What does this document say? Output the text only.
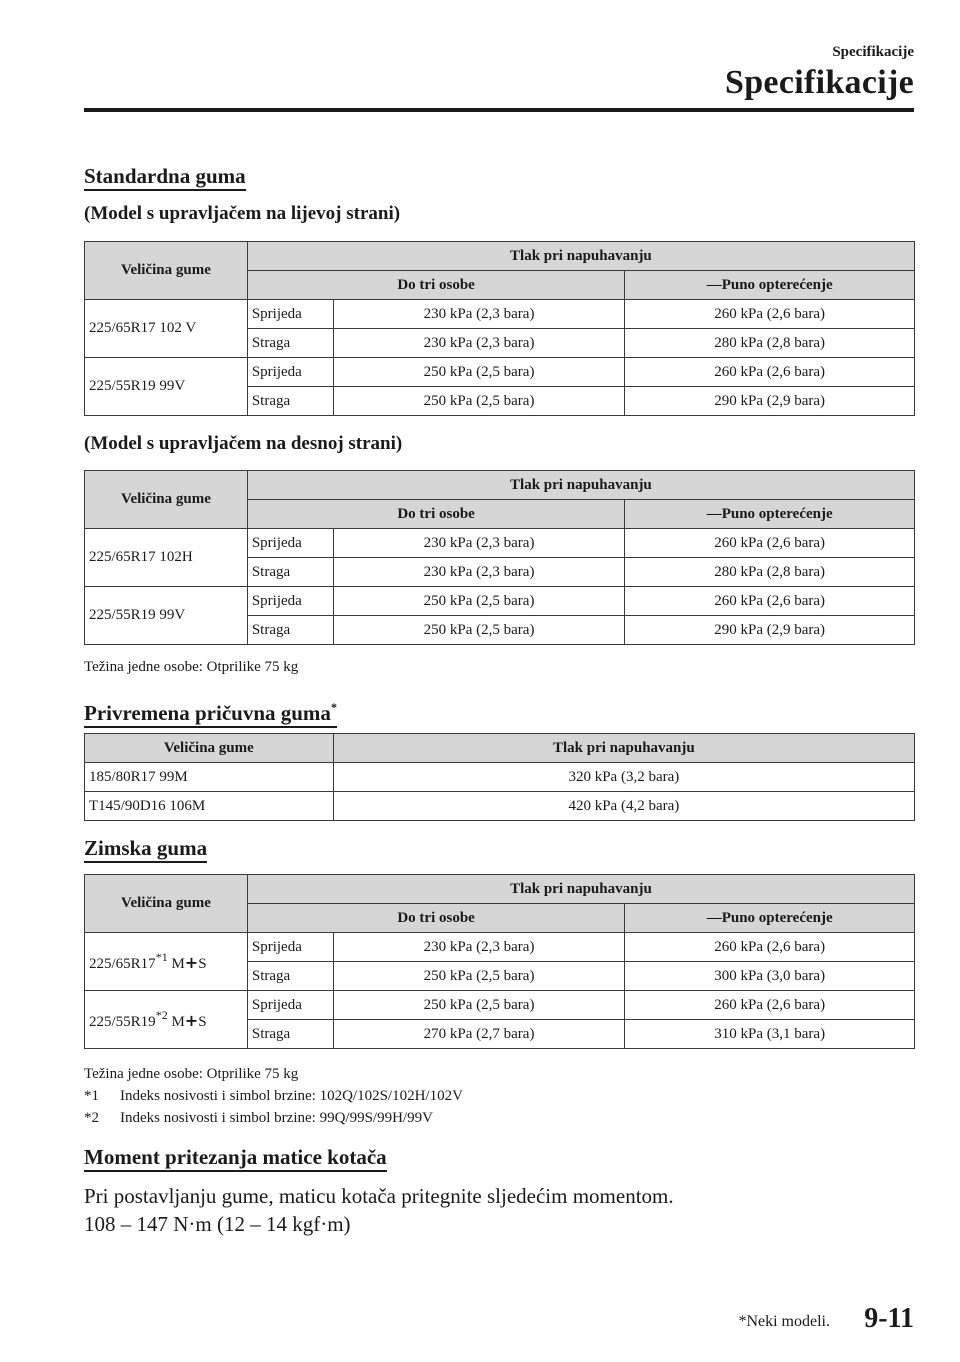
Specifikacije
Specifikacije
Standardna guma
(Model s upravljačem na lijevoj strani)
Veličina gume	Tlak pri napuhavanju		
	Do tri osobe		—Puno opterećenje
225/65R17 102 V	Sprijeda	230 kPa (2,3 bara)	260 kPa (2,6 bara)
	Straga	230 kPa (2,3 bara)	280 kPa (2,8 bara)
225/55R19 99V	Sprijeda	250 kPa (2,5 bara)	260 kPa (2,6 bara)
	Straga	250 kPa (2,5 bara)	290 kPa (2,9 bara)
(Model s upravljačem na desnoj strani)
Veličina gume	Tlak pri napuhavanju		
	Do tri osobe		—Puno opterećenje
225/65R17 102H	Sprijeda	230 kPa (2,3 bara)	260 kPa (2,6 bara)
	Straga	230 kPa (2,3 bara)	280 kPa (2,8 bara)
225/55R19 99V	Sprijeda	250 kPa (2,5 bara)	260 kPa (2,6 bara)
	Straga	250 kPa (2,5 bara)	290 kPa (2,9 bara)
Težina jedne osobe: Otprilike 75 kg
Privremena pričuvna guma*
Veličina gume	Tlak pri napuhavanju
185/80R17 99M	320 kPa (3,2 bara)
T145/90D16 106M	420 kPa (4,2 bara)
Zimska guma
Veličina gume	Tlak pri napuhavanju		
	Do tri osobe		—Puno opterećenje
225/65R17$^{*1}$ M+S	Sprijeda	230 kPa (2,3 bara)	260 kPa (2,6 bara)
	Straga	250 kPa (2,5 bara)	300 kPa (3,0 bara)
225/55R19$^{*2}$ M+S	Sprijeda	250 kPa (2,5 bara)	260 kPa (2,6 bara)
	Straga	270 kPa (2,7 bara)	310 kPa (3,1 bara)
Težina jedne osobe: Otprilike 75 kg
*1 Indeks nosivosti i simbol brzine: 102Q/102S/102H/102V
*2 Indeks nosivosti i simbol brzine: 99Q/99S/99H/99V
Moment pritezanja matice kotača
Pri postavljanju gume, maticu kotača pritegnite sljedećim momentom.
108 – 147 N·m (12 – 14 kgf·m)
*Neki modeli. 9-11
